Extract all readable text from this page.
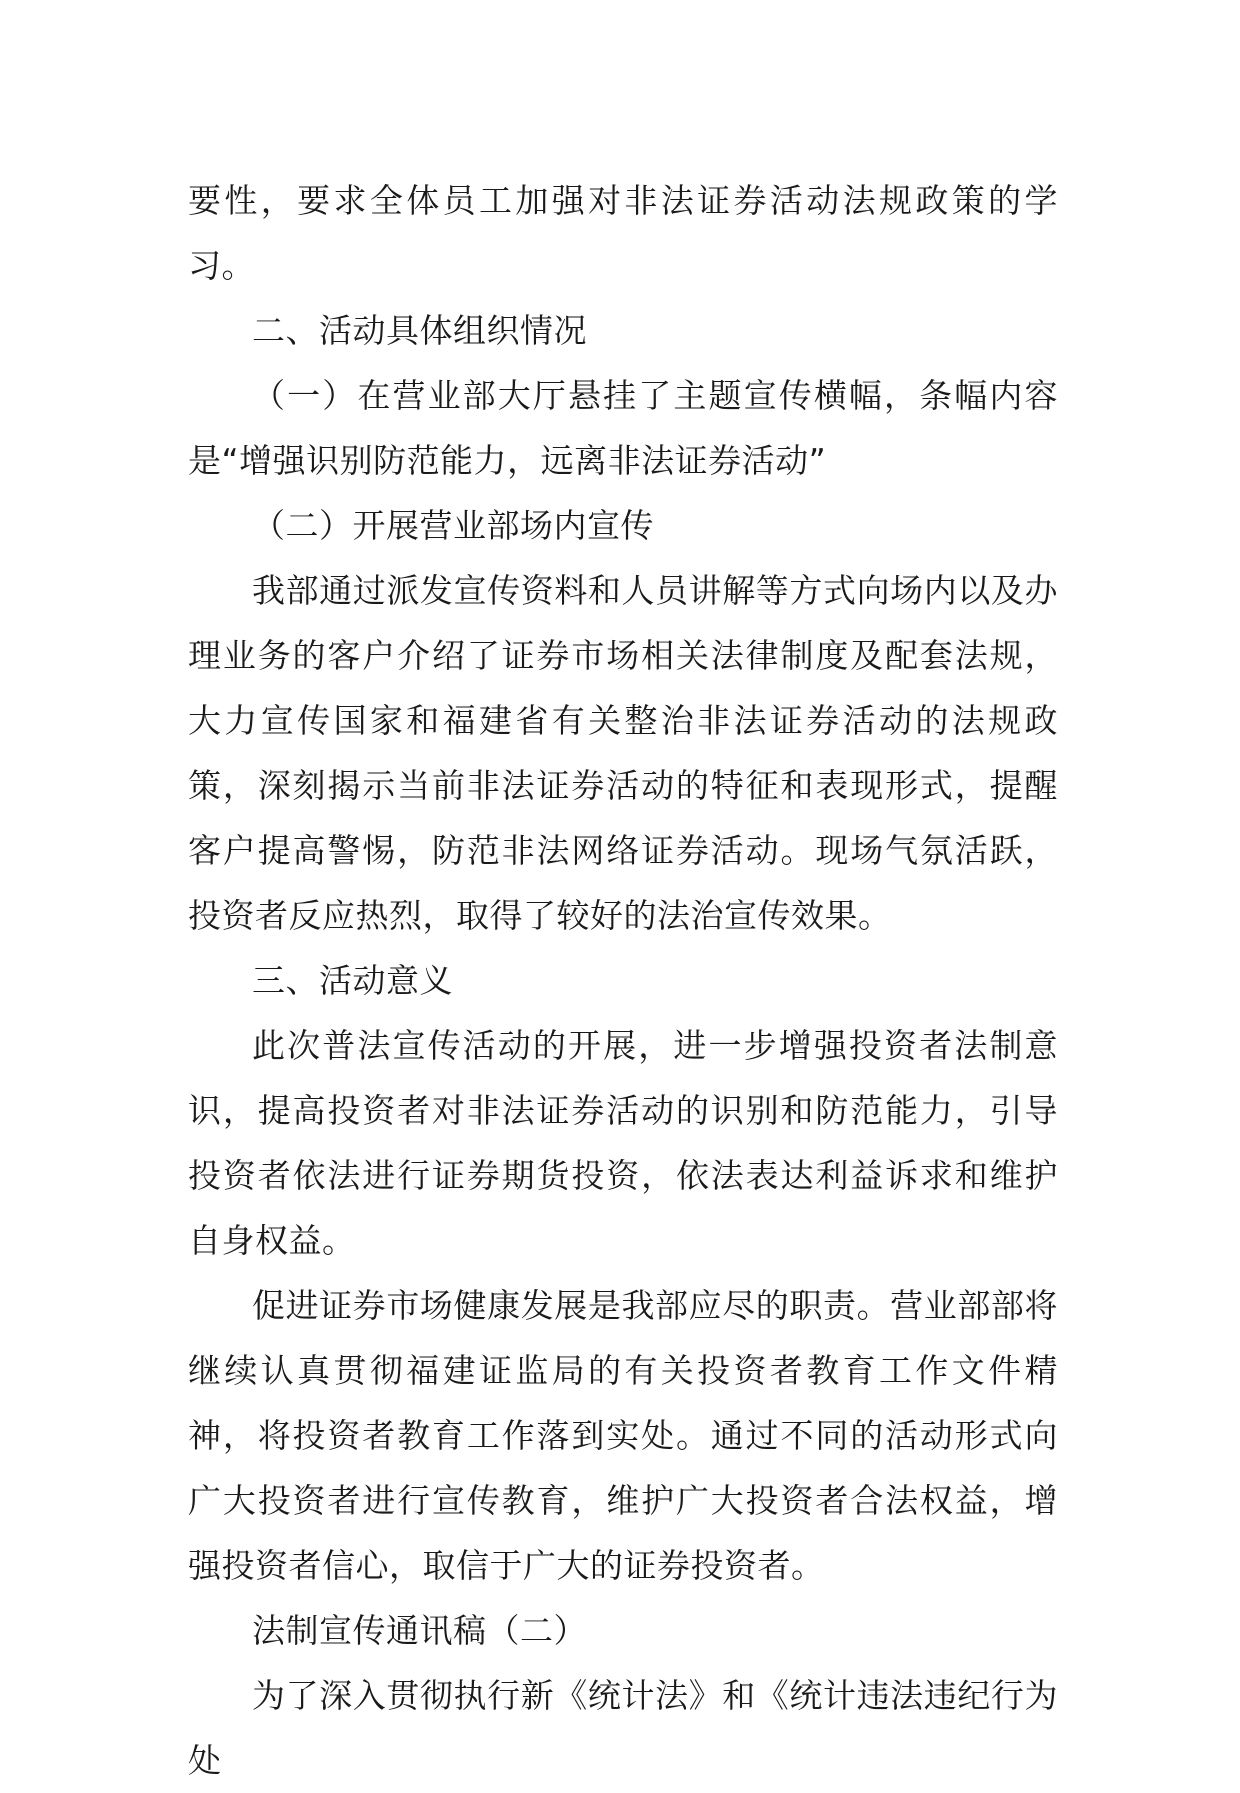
要性，要求全体员工加强对非法证券活动法规政策的学习。

二、活动具体组织情况

（一）在营业部大厅悬挂了主题宣传横幅，条幅内容是“增强识别防范能力，远离非法证券活动”

（二）开展营业部场内宣传

我部通过派发宣传资料和人员讲解等方式向场内以及办理业务的客户介绍了证券市场相关法律制度及配套法规，大力宣传国家和福建省有关整治非法证券活动的法规政策，深刻揭示当前非法证券活动的特征和表现形式，提醒客户提高警惕，防范非法网络证券活动。现场气氛活跃，投资者反应热烈，取得了较好的法治宣传效果。

三、活动意义

此次普法宣传活动的开展，进一步增强投资者法制意识，提高投资者对非法证券活动的识别和防范能力，引导投资者依法进行证券期货投资，依法表达利益诉求和维护自身权益。

促进证券市场健康发展是我部应尽的职责。营业部部将继续认真贯彻福建证监局的有关投资者教育工作文件精神，将投资者教育工作落到实处。通过不同的活动形式向广大投资者进行宣传教育，维护广大投资者合法权益，增强投资者信心，取信于广大的证券投资者。

法制宣传通讯稿（二）

为了深入贯彻执行新《统计法》和《统计违法违纪行为处
